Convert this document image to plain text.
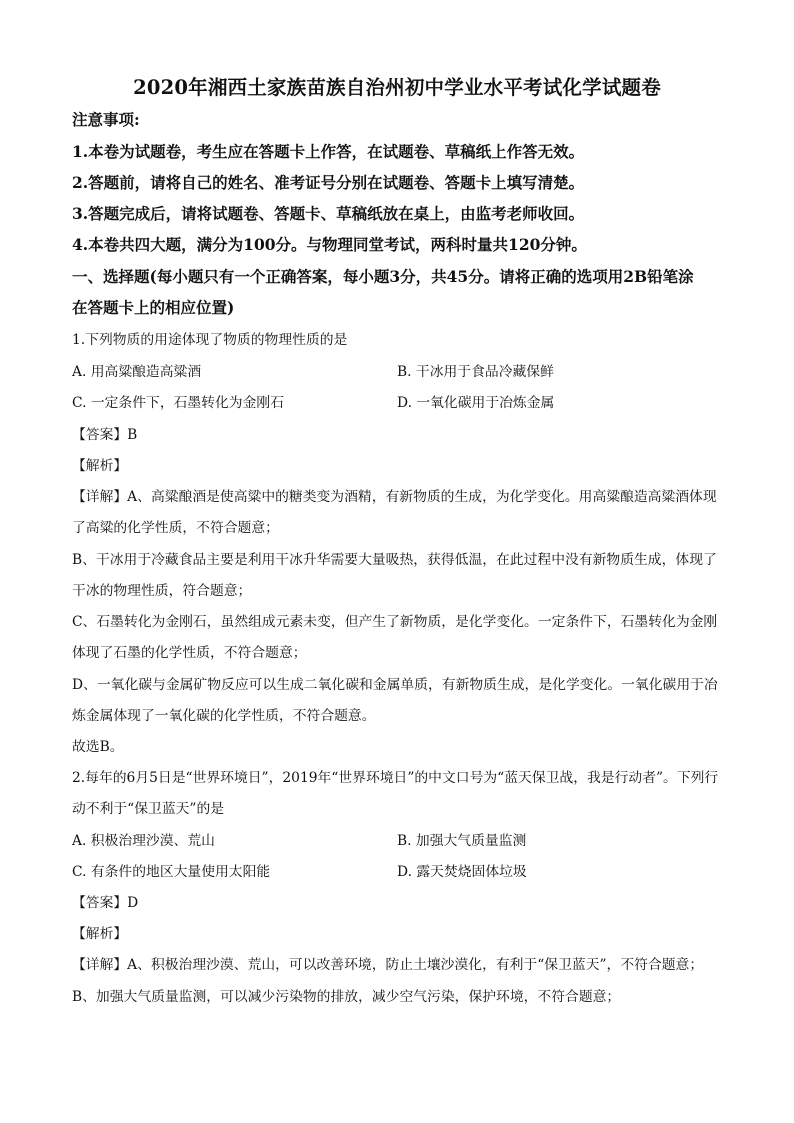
2020年湘西土家族苗族自治州初中学业水平考试化学试题卷
注意事项:
1.本卷为试题卷，考生应在答题卡上作答，在试题卷、草稿纸上作答无效。
2.答题前，请将自己的姓名、准考证号分别在试题卷、答题卡上填写清楚。
3.答题完成后，请将试题卷、答题卡、草稿纸放在桌上，由监考老师收回。
4.本卷共四大题，满分为100分。与物理同堂考试，两科时量共120分钟。
一、选择题(每小题只有一个正确答案，每小题3分，共45分。请将正确的选项用2B铅笔涂
在答题卡上的相应位置)
1.下列物质的用途体现了物质的物理性质的是
A. 用高粱酿造高粱酒	B. 干冰用于食品冷藏保鲜
C. 一定条件下，石墨转化为金刚石	D. 一氧化碳用于冶炼金属
【答案】B
【解析】
【详解】A、高粱酿酒是使高粱中的糖类变为酒精，有新物质的生成，为化学变化。用高粱酿造高粱酒体现
了高粱的化学性质，不符合题意；
B、干冰用于冷藏食品主要是利用干冰升华需要大量吸热，获得低温，在此过程中没有新物质生成，体现了
干冰的物理性质，符合题意；
C、石墨转化为金刚石，虽然组成元素未变，但产生了新物质，是化学变化。一定条件下，石墨转化为金刚
体现了石墨的化学性质，不符合题意；
D、一氧化碳与金属矿物反应可以生成二氧化碳和金属单质，有新物质生成，是化学变化。一氧化碳用于冶
炼金属体现了一氧化碳的化学性质，不符合题意。
故选B。
2.每年的6月5日是“世界环境日”，2019年“世界环境日”的中文口号为“蓝天保卫战，我是行动者”。下列行
动不利于“保卫蓝天”的是
A. 积极治理沙漠、荒山	B. 加强大气质量监测
C. 有条件的地区大量使用太阳能	D. 露天焚烧固体垃圾
【答案】D
【解析】
【详解】A、积极治理沙漠、荒山，可以改善环境，防止土壤沙漠化，有利于“保卫蓝天”，不符合题意；
B、加强大气质量监测，可以减少污染物的排放，减少空气污染，保护环境，不符合题意；
